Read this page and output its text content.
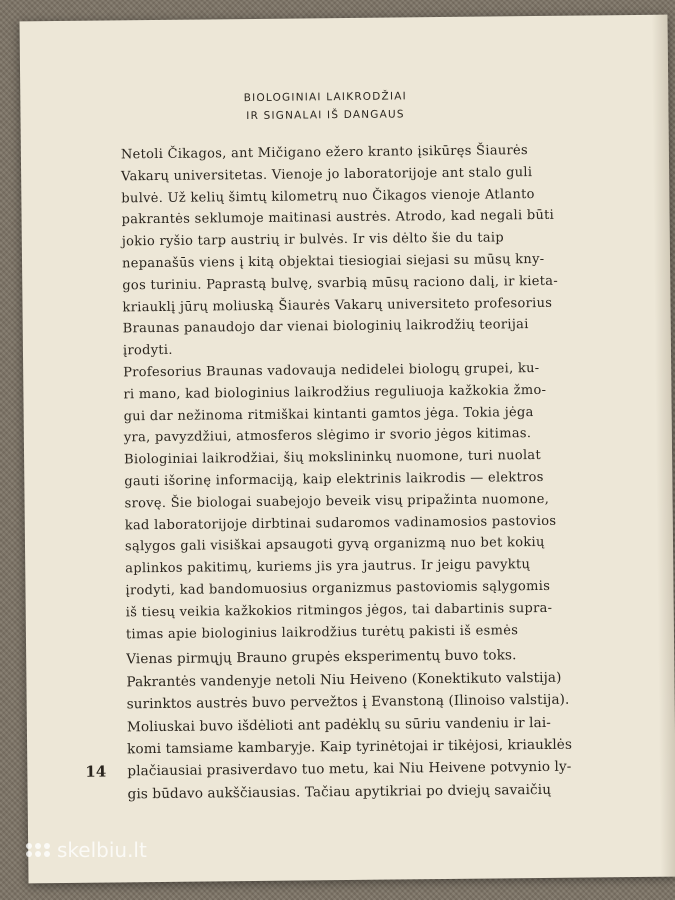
BIOLOGINIAI LAIKRODŽIAI
IR SIGNALAI IŠ DANGAUS

Netoli Čikagos, ant Mičigano ežero kranto įsikūręs Šiaurės
Vakarų universitetas. Vienoje jo laboratorijoje ant stalo guli
bulvė. Už kelių šimtų kilometrų nuo Čikagos vienoje Atlanto
pakrantės seklumoje maitinasi austrės. Atrodo, kad negali būti
jokio ryšio tarp austrių ir bulvės. Ir vis dėlto šie du taip
nepanašūs viens į kitą objektai tiesiogiai siejasi su mūsų kny-
gos turiniu. Paprastą bulvę, svarbią mūsų raciono dalį, ir kieta-
kriauklį jūrų moliuską Šiaurės Vakarų universiteto profesorius
Braunas panaudojo dar vienai biologinių laikrodžių teorijai
įrodyti.

Profesorius Braunas vadovauja nedidelei biologų grupei, ku-
ri mano, kad biologinius laikrodžius reguliuoja kažkokia žmo-
gui dar nežinoma ritmiškai kintanti gamtos jėga. Tokia jėga
yra, pavyzdžiui, atmosferos slėgimo ir svorio jėgos kitimas.
Biologiniai laikrodžiai, šių mokslininkų nuomone, turi nuolat
gauti išorinę informaciją, kaip elektrinis laikrodis — elektros
srovę. Šie biologai suabejojo beveik visų pripažinta nuomone,
kad laboratorijoje dirbtinai sudaromos vadinamosios pastovios
sąlygos gali visiškai apsaugoti gyvą organizmą nuo bet kokių
aplinkos pakitimų, kuriems jis yra jautrus. Ir jeigu pavyktų
įrodyti, kad bandomuosius organizmus pastoviomis sąlygomis
iš tiesų veikia kažkokios ritmingos jėgos, tai dabartinis supra-
timas apie biologinius laikrodžius turėtų pakisti iš esmės

Vienas pirmųjų Brauno grupės eksperimentų buvo toks.
Pakrantės vandenyje netoli Niu Heiveno (Konektikuto valstija)
surinktos austrės buvo pervežtos į Evanstoną (Ilinoiso valstija).
Moliuskai buvo išdėlioti ant padėklų su sūriu vandeniu ir lai-
komi tamsiame kambaryje. Kaip tyrinėtojai ir tikėjosi, kriauklės
plačiausiai prasiverdavo tuo metu, kai Niu Heivene potvynio ly-
gis būdavo aukščiausias. Tačiau apytikriai po dviejų savaičių

14
skelbiu.lt
